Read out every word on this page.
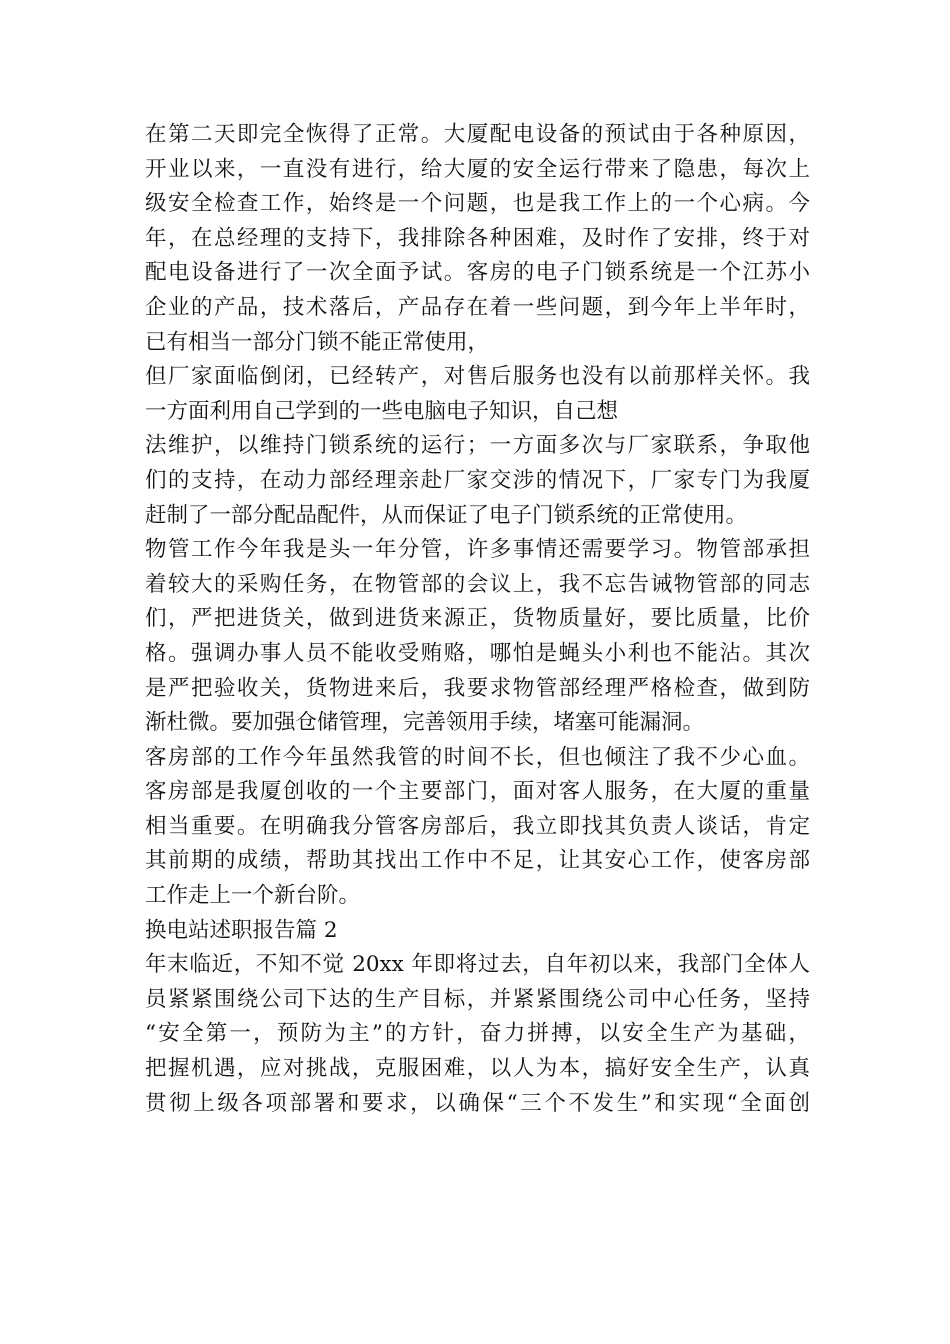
在第二天即完全恢得了正常。大厦配电设备的预试由于各种原因，
开业以来，一直没有进行，给大厦的安全运行带来了隐患，每次上
级安全检查工作，始终是一个问题，也是我工作上的一个心病。今
年，在总经理的支持下，我排除各种困难，及时作了安排，终于对
配电设备进行了一次全面予试。客房的电子门锁系统是一个江苏小
企业的产品，技术落后，产品存在着一些问题，到今年上半年时，
已有相当一部分门锁不能正常使用，
但厂家面临倒闭，已经转产，对售后服务也没有以前那样关怀。我
一方面利用自己学到的一些电脑电子知识，自己想
法维护，以维持门锁系统的运行；一方面多次与厂家联系，争取他
们的支持，在动力部经理亲赴厂家交涉的情况下，厂家专门为我厦
赶制了一部分配品配件，从而保证了电子门锁系统的正常使用。
物管工作今年我是头一年分管，许多事情还需要学习。物管部承担
着较大的采购任务，在物管部的会议上，我不忘告诫物管部的同志
们，严把进货关，做到进货来源正，货物质量好，要比质量，比价
格。强调办事人员不能收受贿赂，哪怕是蝇头小利也不能沾。其次
是严把验收关，货物进来后，我要求物管部经理严格检查，做到防
渐杜微。要加强仓储管理，完善领用手续，堵塞可能漏洞。
客房部的工作今年虽然我管的时间不长，但也倾注了我不少心血。
客房部是我厦创收的一个主要部门，面对客人服务，在大厦的重量
相当重要。在明确我分管客房部后，我立即找其负责人谈话，肯定
其前期的成绩，帮助其找出工作中不足，让其安心工作，使客房部
工作走上一个新台阶。
换电站述职报告篇 2
年末临近，不知不觉 20xx 年即将过去，自年初以来，我部门全体人
员紧紧围绕公司下达的生产目标，并紧紧围绕公司中心任务，坚持
“安全第一，预防为主”的方针，奋力拼搏，以安全生产为基础，
把握机遇，应对挑战，克服困难，以人为本，搞好安全生产，认真
贯彻上级各项部署和要求，以确保“三个不发生”和实现“全面创
